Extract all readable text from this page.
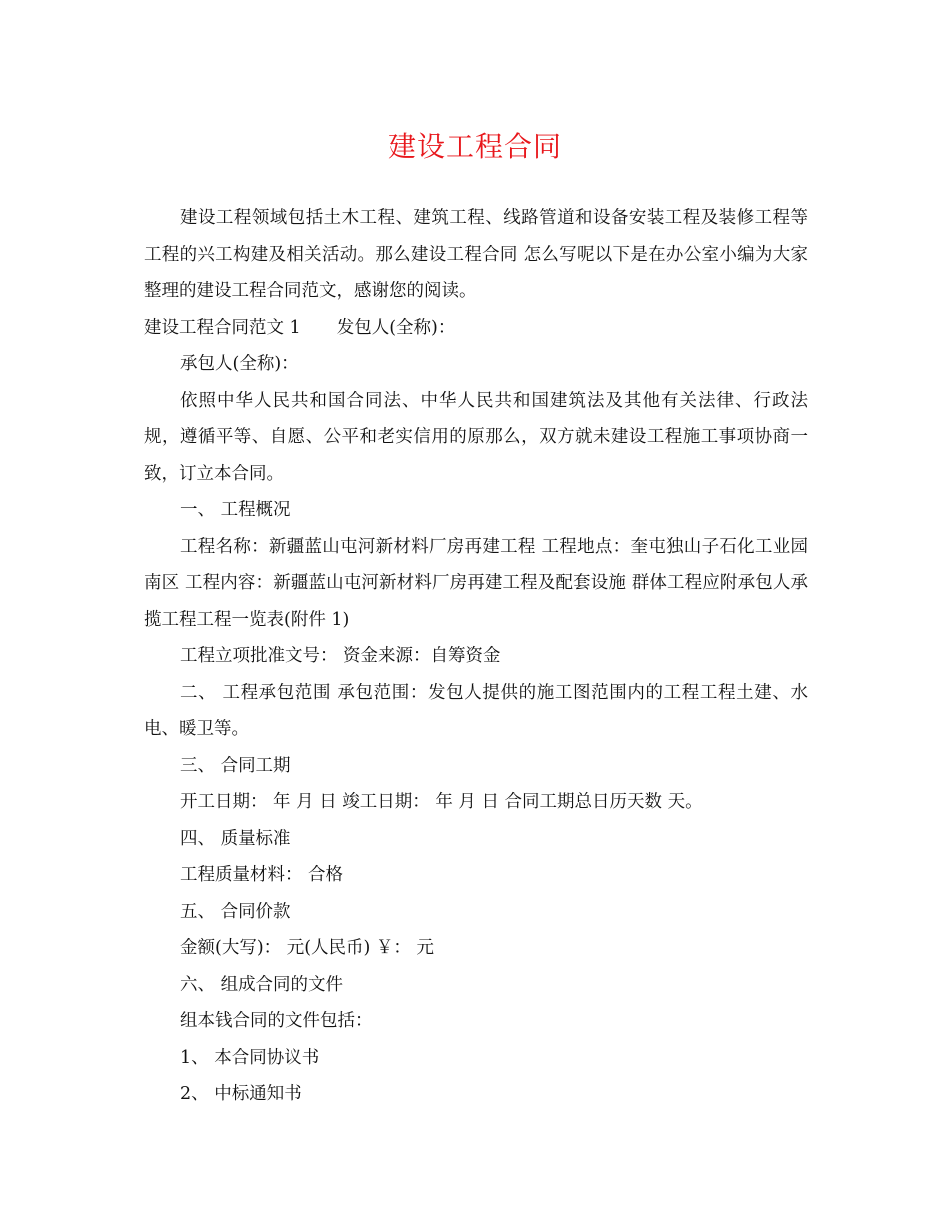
建设工程合同

建设工程领域包括土木工程、建筑工程、线路管道和设备安装工程及装修工程等工程的兴工构建及相关活动。那么建设工程合同 怎么写呢以下是在办公室小编为大家整理的建设工程合同范文，感谢您的阅读。

建设工程合同范文 1 发包人(全称)：

承包人(全称)：

依照中华人民共和国合同法、中华人民共和国建筑法及其他有关法律、行政法规，遵循平等、自愿、公平和老实信用的原那么，双方就未建设工程施工事项协商一致，订立本合同。

一、 工程概况

工程名称：新疆蓝山屯河新材料厂房再建工程 工程地点：奎屯独山子石化工业园南区 工程内容：新疆蓝山屯河新材料厂房再建工程及配套设施 群体工程应附承包人承揽工程工程一览表(附件 1)

工程立项批准文号： 资金来源：自筹资金

二、 工程承包范围 承包范围：发包人提供的施工图范围内的工程工程土建、水电、暖卫等。

三、 合同工期

开工日期： 年 月 日 竣工日期： 年 月 日 合同工期总日历天数 天。

四、 质量标准

工程质量材料： 合格

五、 合同价款

金额(大写)： 元(人民币) ￥： 元

六、 组成合同的文件

组本钱合同的文件包括：

1、 本合同协议书

2、 中标通知书
